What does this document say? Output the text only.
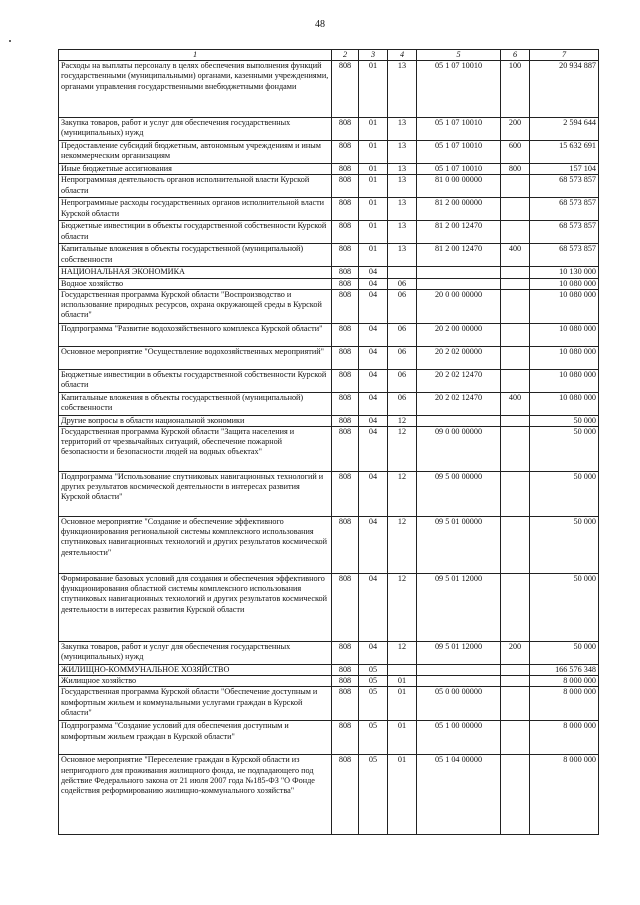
48
1	2	3	4	5	6	7
Расходы на выплаты персоналу в целях обеспечения выполнения функций государственными (муниципальными) органами, казенными учреждениями, органами управления государственными внебюджетными фондами	808	01	13	05 1 07 10010	100	20 934 887
Закупка товаров, работ и услуг для обеспечения государственных (муниципальных) нужд	808	01	13	05 1 07 10010	200	2 594 644
Предоставление субсидий бюджетным, автономным учреждениям и иным некоммерческим организациям	808	01	13	05 1 07 10010	600	15 632 691
Иные бюджетные ассигнования	808	01	13	05 1 07 10010	800	157 104
Непрограммная деятельность органов исполнительной власти Курской области	808	01	13	81 0 00 00000		68 573 857
Непрограммные расходы государственных органов исполнительной власти Курской области	808	01	13	81 2 00 00000		68 573 857
Бюджетные инвестиции в объекты государственной собственности Курской области	808	01	13	81 2 00 12470		68 573 857
Капитальные вложения в объекты государственной (муниципальной) собственности	808	01	13	81 2 00 12470	400	68 573 857
НАЦИОНАЛЬНАЯ ЭКОНОМИКА	808	04				10 130 000
Водное хозяйство	808	04	06			10 080 000
Государственная программа Курской области "Воспроизводство и использование природных ресурсов, охрана окружающей среды в Курской области"	808	04	06	20 0 00 00000		10 080 000
Подпрограмма "Развитие водохозяйственного комплекса Курской области"	808	04	06	20 2 00 00000		10 080 000
Основное мероприятие "Осуществление водохозяйственных мероприятий"	808	04	06	20 2 02 00000		10 080 000
Бюджетные инвестиции в объекты государственной собственности Курской области	808	04	06	20 2 02 12470		10 080 000
Капитальные вложения в объекты государственной (муниципальной) собственности	808	04	06	20 2 02 12470	400	10 080 000
Другие вопросы в области национальной экономики	808	04	12			50 000
Государственная программа Курской области "Защита населения и территорий от чрезвычайных ситуаций, обеспечение пожарной безопасности и безопасности людей на водных объектах"	808	04	12	09 0 00 00000		50 000
Подпрограмма "Использование спутниковых навигационных технологий и других результатов космической деятельности в интересах развития Курской области"	808	04	12	09 5 00 00000		50 000
Основное мероприятие "Создание и обеспечение эффективного функционирования региональной системы комплексного использования спутниковых навигационных технологий и других результатов космической деятельности"	808	04	12	09 5 01 00000		50 000
Формирование базовых условий для создания и обеспечения эффективного функционирования областной системы комплексного использования спутниковых навигационных технологий и других результатов космической деятельности в интересах развития Курской области	808	04	12	09 5 01 12000		50 000
Закупка товаров, работ и услуг для обеспечения государственных (муниципальных) нужд	808	04	12	09 5 01 12000	200	50 000
ЖИЛИЩНО-КОММУНАЛЬНОЕ ХОЗЯЙСТВО	808	05				166 576 348
Жилищное хозяйство	808	05	01			8 000 000
Государственная программа Курской области "Обеспечение доступным и комфортным жильем и коммунальными услугами граждан в Курской области"	808	05	01	05 0 00 00000		8 000 000
Подпрограмма "Создание условий для обеспечения доступным и комфортным жильем граждан в Курской области"	808	05	01	05 1 00 00000		8 000 000
Основное мероприятие "Переселение граждан в Курской области из непригодного для проживания жилищного фонда, не подпадающего под действие Федерального закона от 21 июля 2007 года №185-ФЗ "О Фонде содействия реформированию жилищно-коммунального хозяйства"	808	05	01	05 1 04 00000		8 000 000
